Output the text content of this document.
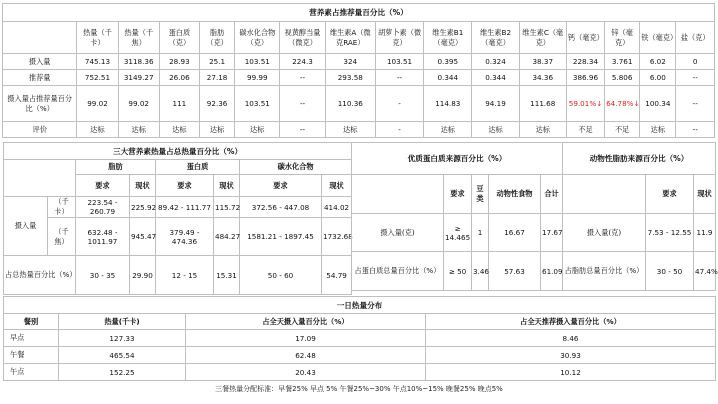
营养素占推荐量百分比（%）															
	热量（千卡）	热量（千焦）	蛋白质（克）	脂肪（克）	碳水化合物（克）	视黄醇当量（微克）	维生素A（微克RAE）	胡萝卜素（微克）	维生素B1（毫克）	维生素B2（毫克）	维生素C（毫克）	钙（毫克）	锌（毫克）	铁（毫克）	盐（克）
摄入量	745.13	3118.36	28.93	25.1	103.51	224.3	324	103.51	0.395	0.324	38.37	228.34	3.761	6.02	0
推荐量	752.51	3149.27	26.06	27.18	99.99	--	293.58	--	0.344	0.344	34.36	386.96	5.806	6.00	--
摄入量占推荐量百分比（%）	99.02	99.02	111	92.36	103.51	--	110.36	-	114.83	94.19	111.68	59.01%↓	64.78%↓	100.34	--
评价	达标	达标	达标	达标	达标	--	达标	-	达标	达标	达标	不足	不足	达标	--
三大营养素热量占总热量百分比（%）							
		脂肪		蛋白质		碳水化合物	
		要求	现状	要求	现状	要求	现状
摄入量	（千卡）	223.54 - 260.79	225.92	89.42 - 111.77	115.72	372.56 - 447.08	414.02
	（千焦）	632.48 - 1011.97	945.47	379.49 - 474.36	484.27	1581.21 - 1897.45	1732.68
占总热量百分比（%）		30 - 35	29.90	12 - 15	15.31	50 - 60	54.79
优质蛋白质来源百分比（%）				
	要求	豆类	动物性食物	合计
摄入量(克)	≥ 14.465	1	16.67	17.67
占蛋白质总量百分比（%）	≥ 50	3.46	57.63	61.09
动物性脂肪来源百分比（%）		
	要求	现状
摄入量(克)	7.53 - 12.55	11.9
占脂肪总量百分比（%）	30 - 50	47.4%
一日热量分布			
餐别	热量(千卡)	占全天摄入量百分比（%）	占全天推荐摄入量百分比（%）
早点	127.33	17.09	8.46
午餐	465.54	62.48	30.93
午点	152.25	20.43	10.12
三餐热量分配标准：早餐25% 早点 5% 午餐25%~30% 午点10%~15% 晚餐25% 晚点5%
